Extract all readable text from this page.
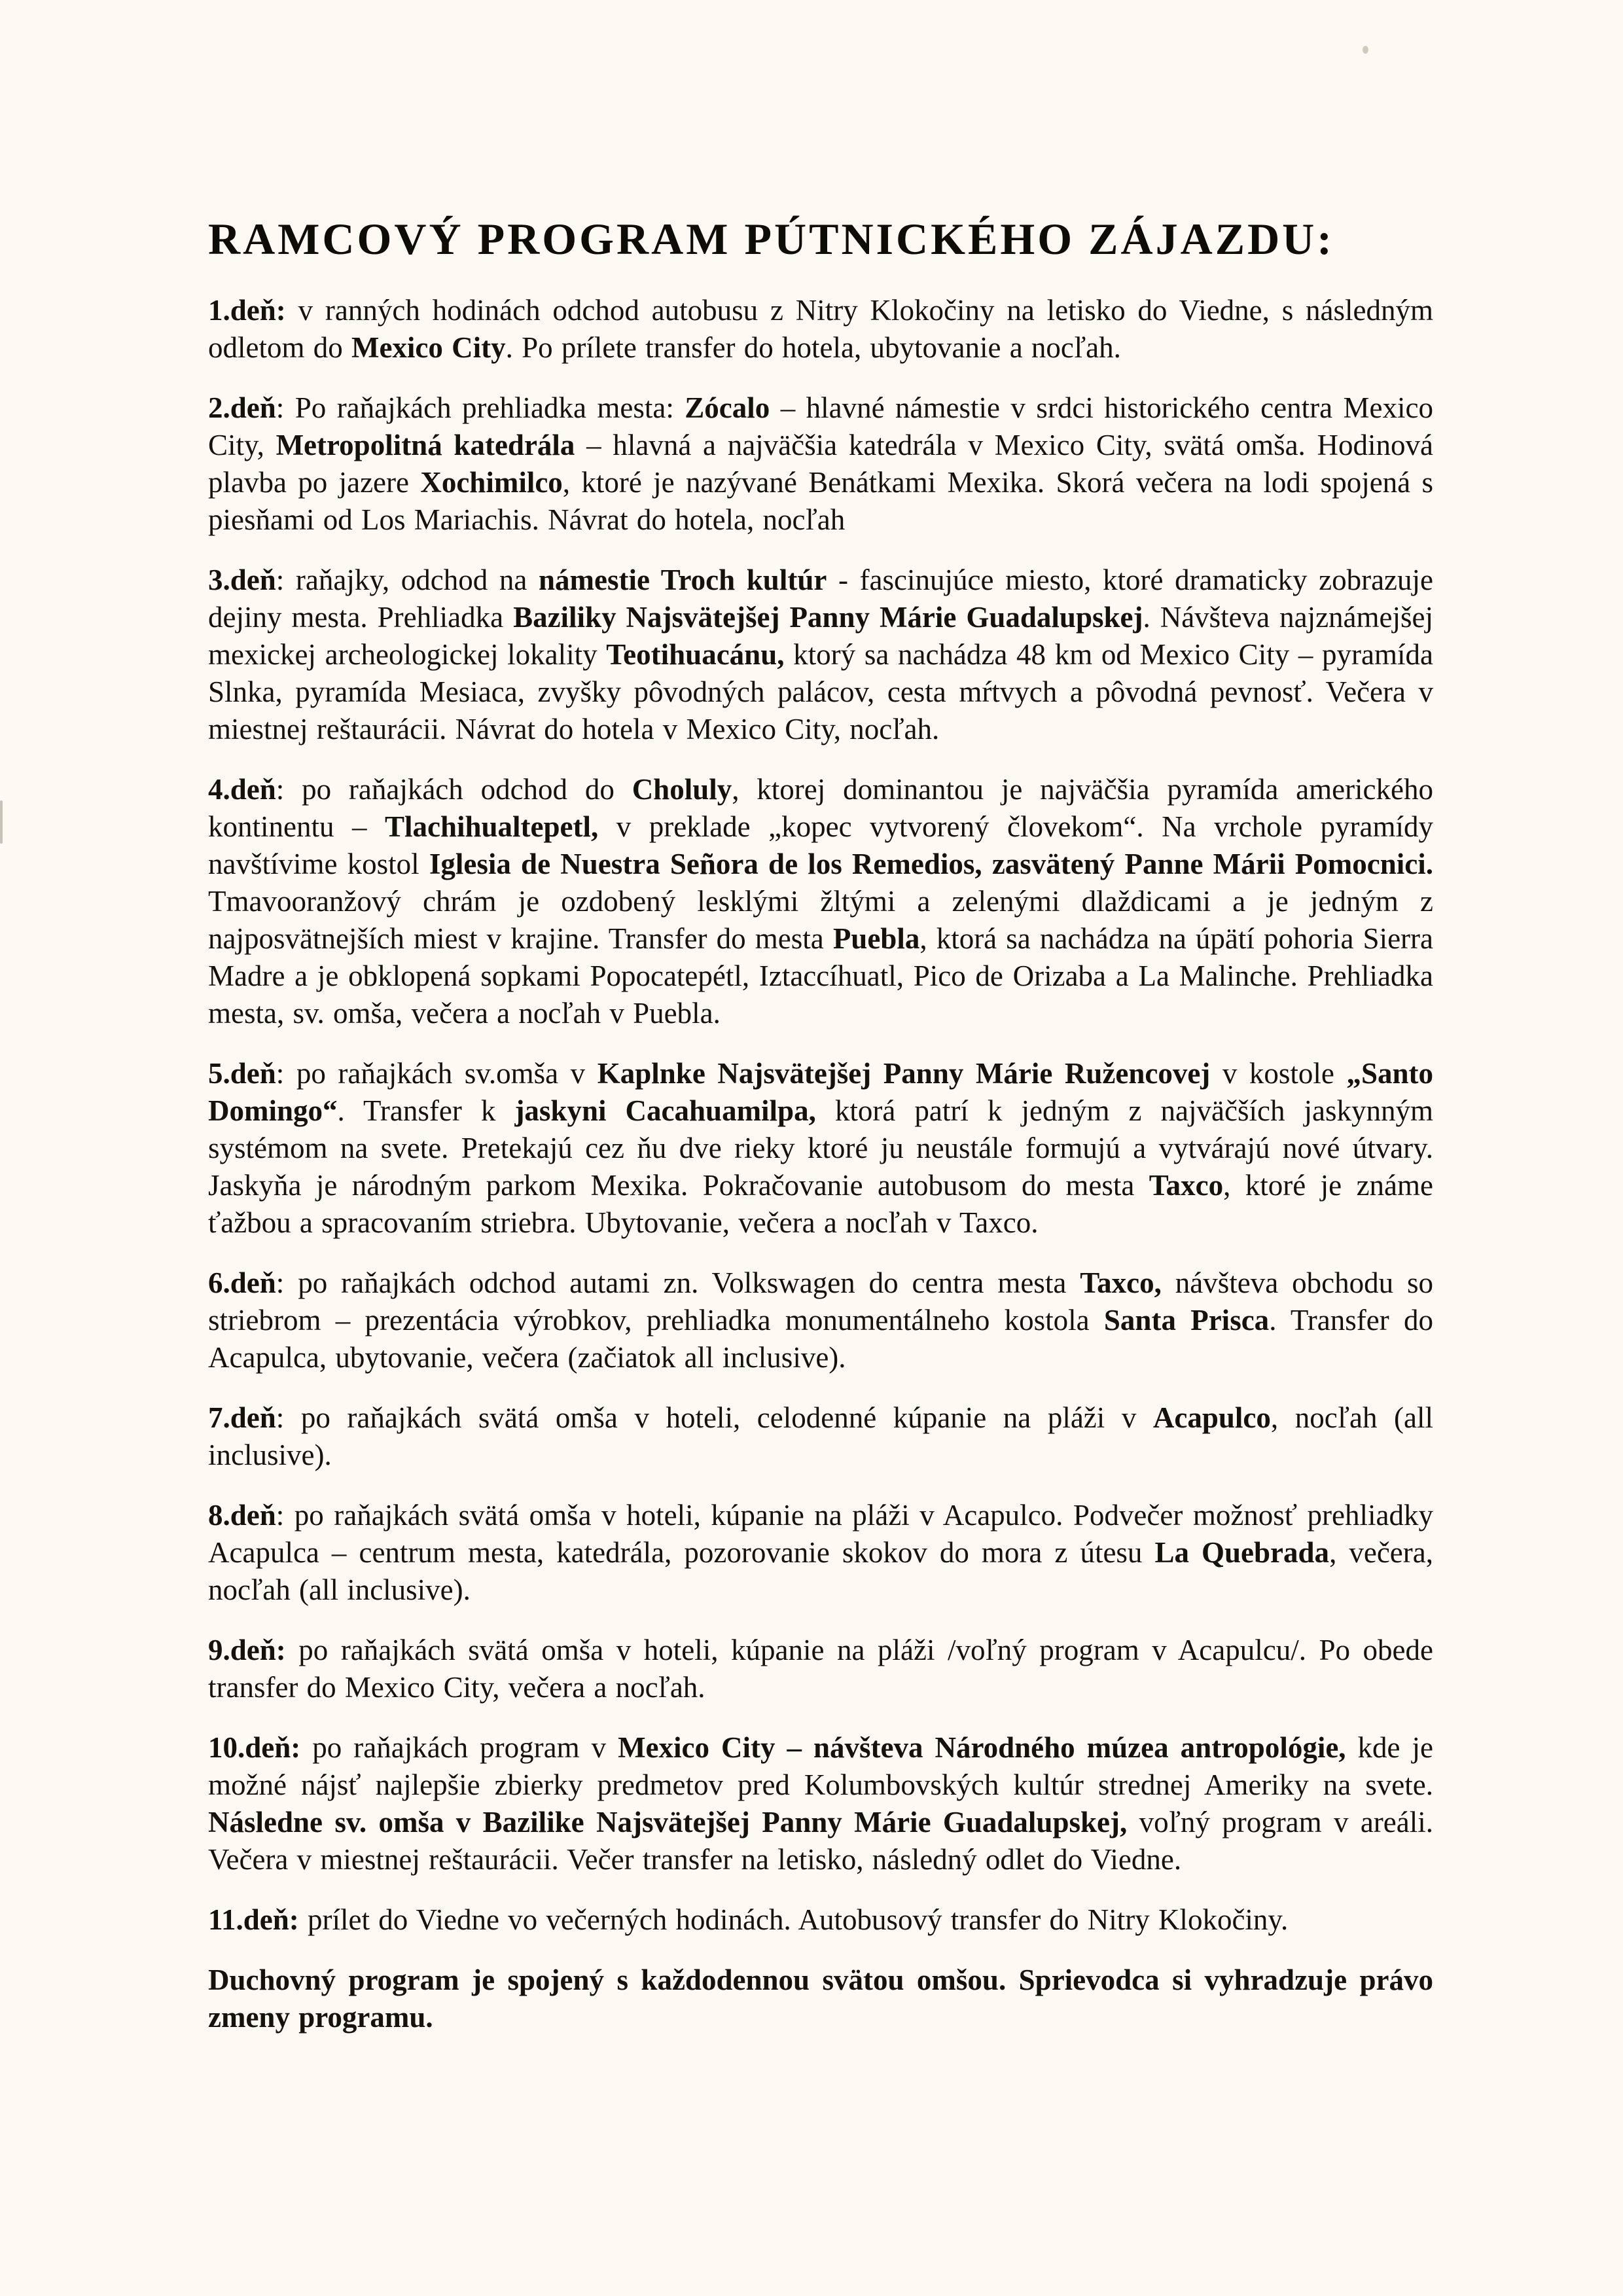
RAMCOVÝ PROGRAM PÚTNICKÉHO ZÁJAZDU:

1.deň: v ranných hodinách odchod autobusu z Nitry Klokočiny na letisko do Viedne, s následným odletom do Mexico City. Po prílete transfer do hotela, ubytovanie a nocľah.

2.deň: Po raňajkách prehliadka mesta: Zócalo – hlavné námestie v srdci historického centra Mexico City, Metropolitná katedrála – hlavná a najväčšia katedrála v Mexico City, svätá omša. Hodinová plavba po jazere Xochimilco, ktoré je nazývané Benátkami Mexika. Skorá večera na lodi spojená s piesňami od Los Mariachis. Návrat do hotela, nocľah

3.deň: raňajky, odchod na námestie Troch kultúr - fascinujúce miesto, ktoré dramaticky zobrazuje dejiny mesta. Prehliadka Baziliky Najsvätejšej Panny Márie Guadalupskej. Návšteva najznámejšej mexickej archeologickej lokality Teotihuacánu, ktorý sa nachádza 48 km od Mexico City – pyramída Slnka, pyramída Mesiaca, zvyšky pôvodných palácov, cesta mŕtvych a pôvodná pevnosť. Večera v miestnej reštaurácii. Návrat do hotela v Mexico City, nocľah.

4.deň: po raňajkách odchod do Choluly, ktorej dominantou je najväčšia pyramída amerického kontinentu – Tlachihualtepetl, v preklade „kopec vytvorený človekom“. Na vrchole pyramídy navštívime kostol Iglesia de Nuestra Señora de los Remedios, zasvätený Panne Márii Pomocnici. Tmavooranžový chrám je ozdobený lesklými žltými a zelenými dlaždicami a je jedným z najposvätnejších miest v krajine. Transfer do mesta Puebla, ktorá sa nachádza na úpätí pohoria Sierra Madre a je obklopená sopkami Popocatepétl, Iztaccíhuatl, Pico de Orizaba a La Malinche. Prehliadka mesta, sv. omša, večera a nocľah v Puebla.

5.deň: po raňajkách sv.omša v Kaplnke Najsvätejšej Panny Márie Ružencovej v kostole „Santo Domingo“. Transfer k jaskyni Cacahuamilpa, ktorá patrí k jedným z najväčších jaskynným systémom na svete. Pretekajú cez ňu dve rieky ktoré ju neustále formujú a vytvárajú nové útvary. Jaskyňa je národným parkom Mexika. Pokračovanie autobusom do mesta Taxco, ktoré je známe ťažbou a spracovaním striebra. Ubytovanie, večera a nocľah v Taxco.

6.deň: po raňajkách odchod autami zn. Volkswagen do centra mesta Taxco, návšteva obchodu so striebrom – prezentácia výrobkov, prehliadka monumentálneho kostola Santa Prisca. Transfer do Acapulca, ubytovanie, večera (začiatok all inclusive).

7.deň: po raňajkách svätá omša v hoteli, celodenné kúpanie na pláži v Acapulco, nocľah (all inclusive).

8.deň: po raňajkách svätá omša v hoteli, kúpanie na pláži v Acapulco. Podvečer možnosť prehliadky Acapulca – centrum mesta, katedrála, pozorovanie skokov do mora z útesu La Quebrada, večera, nocľah (all inclusive).

9.deň: po raňajkách svätá omša v hoteli, kúpanie na pláži /voľný program v Acapulcu/. Po obede transfer do Mexico City, večera a nocľah.

10.deň: po raňajkách program v Mexico City – návšteva Národného múzea antropológie, kde je možné nájsť najlepšie zbierky predmetov pred Kolumbovských kultúr strednej Ameriky na svete. Následne sv. omša v Bazilike Najsvätejšej Panny Márie Guadalupskej, voľný program v areáli. Večera v miestnej reštaurácii. Večer transfer na letisko, následný odlet do Viedne.

11.deň: prílet do Viedne vo večerných hodinách. Autobusový transfer do Nitry Klokočiny.

Duchovný program je spojený s každodennou svätou omšou. Sprievodca si vyhradzuje právo zmeny programu.
